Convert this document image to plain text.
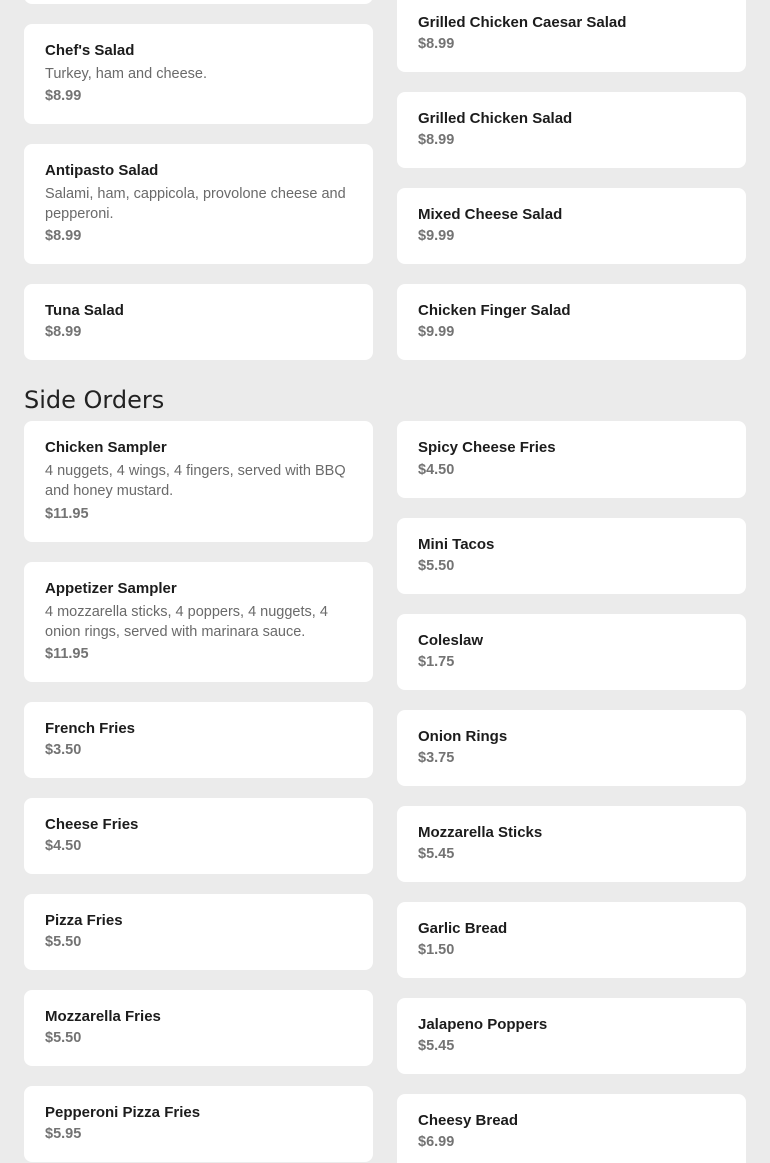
Chef's Salad
Turkey, ham and cheese.
$8.99
Antipasto Salad
Salami, ham, cappicola, provolone cheese and pepperoni.
$8.99
Tuna Salad
$8.99
Grilled Chicken Caesar Salad
$8.99
Grilled Chicken Salad
$8.99
Mixed Cheese Salad
$9.99
Chicken Finger Salad
$9.99
Side Orders
Chicken Sampler
4 nuggets, 4 wings, 4 fingers, served with BBQ and honey mustard.
$11.95
Appetizer Sampler
4 mozzarella sticks, 4 poppers, 4 nuggets, 4 onion rings, served with marinara sauce.
$11.95
French Fries
$3.50
Cheese Fries
$4.50
Pizza Fries
$5.50
Mozzarella Fries
$5.50
Pepperoni Pizza Fries
$5.95
Spicy Cheese Fries
$4.50
Mini Tacos
$5.50
Coleslaw
$1.75
Onion Rings
$3.75
Mozzarella Sticks
$5.45
Garlic Bread
$1.50
Jalapeno Poppers
$5.45
Cheesy Bread
$6.99
